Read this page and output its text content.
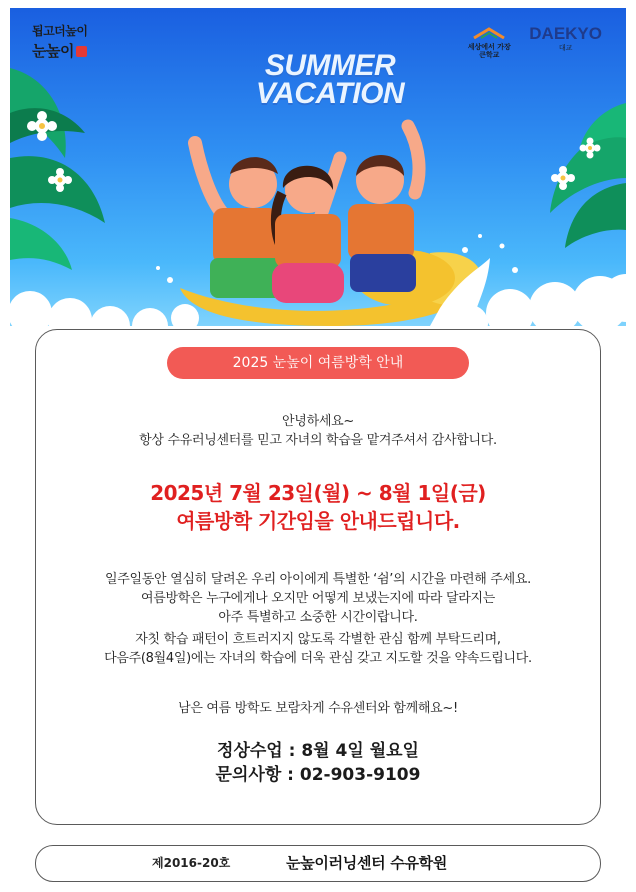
됩고더높이
눈높이	세상에서 가장큰학교
DAEKYO
대교
SUMMER
VACATION
2025 눈높이 여름방학 안내
안녕하세요~
항상 수유러닝센터를 믿고 자녀의 학습을 맡겨주셔서 감사합니다.
2025년 7월 23일(월) ~ 8월 1일(금)
여름방학 기간임을 안내드립니다.
일주일동안 열심히 달려온 우리 아이에게 특별한 ‘쉼’의 시간을 마련해 주세요.
여름방학은 누구에게나 오지만 어떻게 보냈는지에 따라 달라지는
아주 특별하고 소중한 시간이랍니다.
자칫 학습 패턴이 흐트러지지 않도록 각별한 관심 함께 부탁드리며,
다음주(8월4일)에는 자녀의 학습에 더욱 관심 갖고 지도할 것을 약속드립니다.
남은 여름 방학도 보람차게 수유센터와 함께해요~!
정상수업 : 8월 4일 월요일
문의사항 : 02-903-9109
제2016-20호	눈높이러닝센터 수유학원
